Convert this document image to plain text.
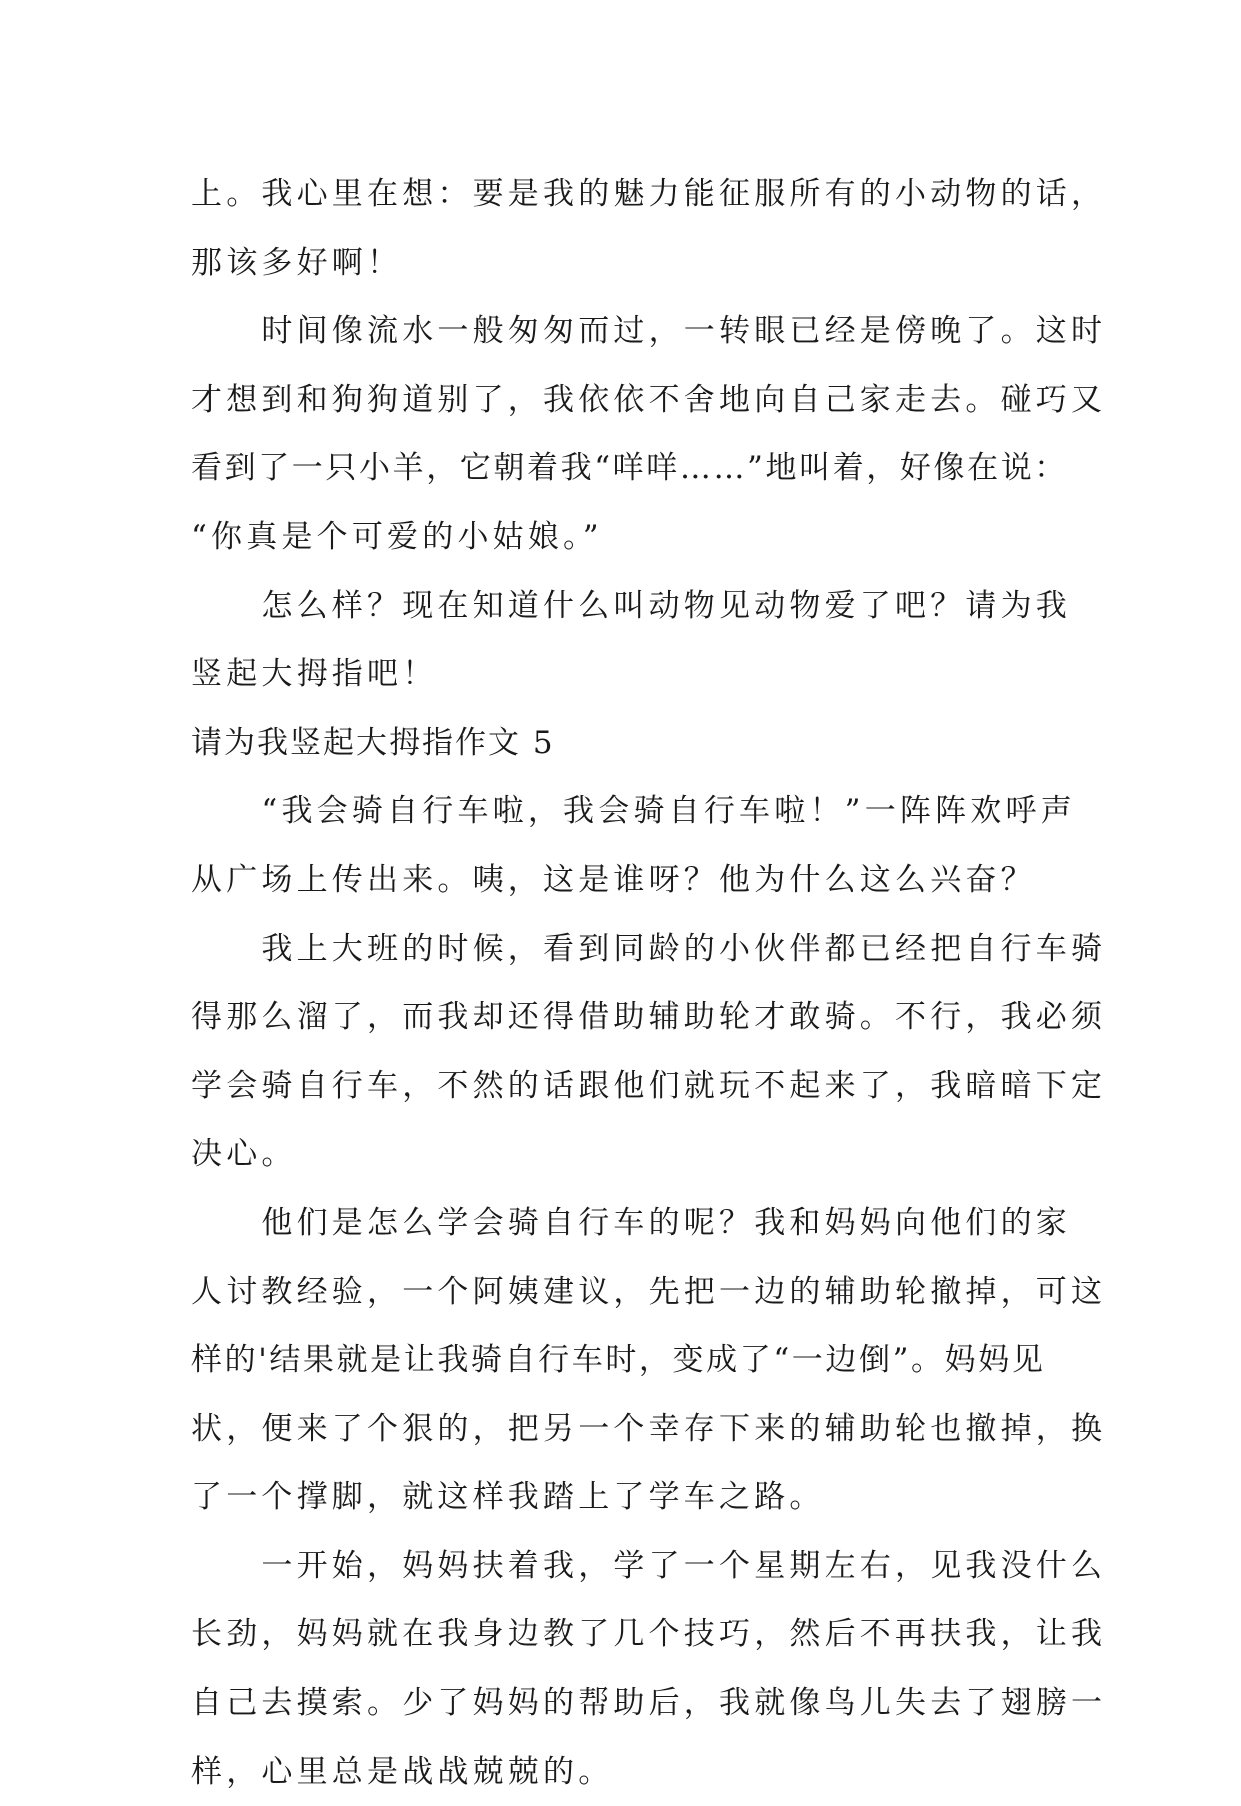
上。我心里在想：要是我的魅力能征服所有的小动物的话，
那该多好啊！
　　时间像流水一般匆匆而过，一转眼已经是傍晚了。这时
才想到和狗狗道别了，我依依不舍地向自己家走去。碰巧又
看到了一只小羊，它朝着我“咩咩……”地叫着，好像在说：
“你真是个可爱的小姑娘。”
　　怎么样？现在知道什么叫动物见动物爱了吧？请为我
竖起大拇指吧！
请为我竖起大拇指作文 5
　　“我会骑自行车啦，我会骑自行车啦！”一阵阵欢呼声
从广场上传出来。咦，这是谁呀？他为什么这么兴奋？
　　我上大班的时候，看到同龄的小伙伴都已经把自行车骑
得那么溜了，而我却还得借助辅助轮才敢骑。不行，我必须
学会骑自行车，不然的话跟他们就玩不起来了，我暗暗下定
决心。
　　他们是怎么学会骑自行车的呢？我和妈妈向他们的家
人讨教经验，一个阿姨建议，先把一边的辅助轮撤掉，可这
样的'结果就是让我骑自行车时，变成了“一边倒”。妈妈见
状，便来了个狠的，把另一个幸存下来的辅助轮也撤掉，换
了一个撑脚，就这样我踏上了学车之路。
　　一开始，妈妈扶着我，学了一个星期左右，见我没什么
长劲，妈妈就在我身边教了几个技巧，然后不再扶我，让我
自己去摸索。少了妈妈的帮助后，我就像鸟儿失去了翅膀一
样，心里总是战战兢兢的。
